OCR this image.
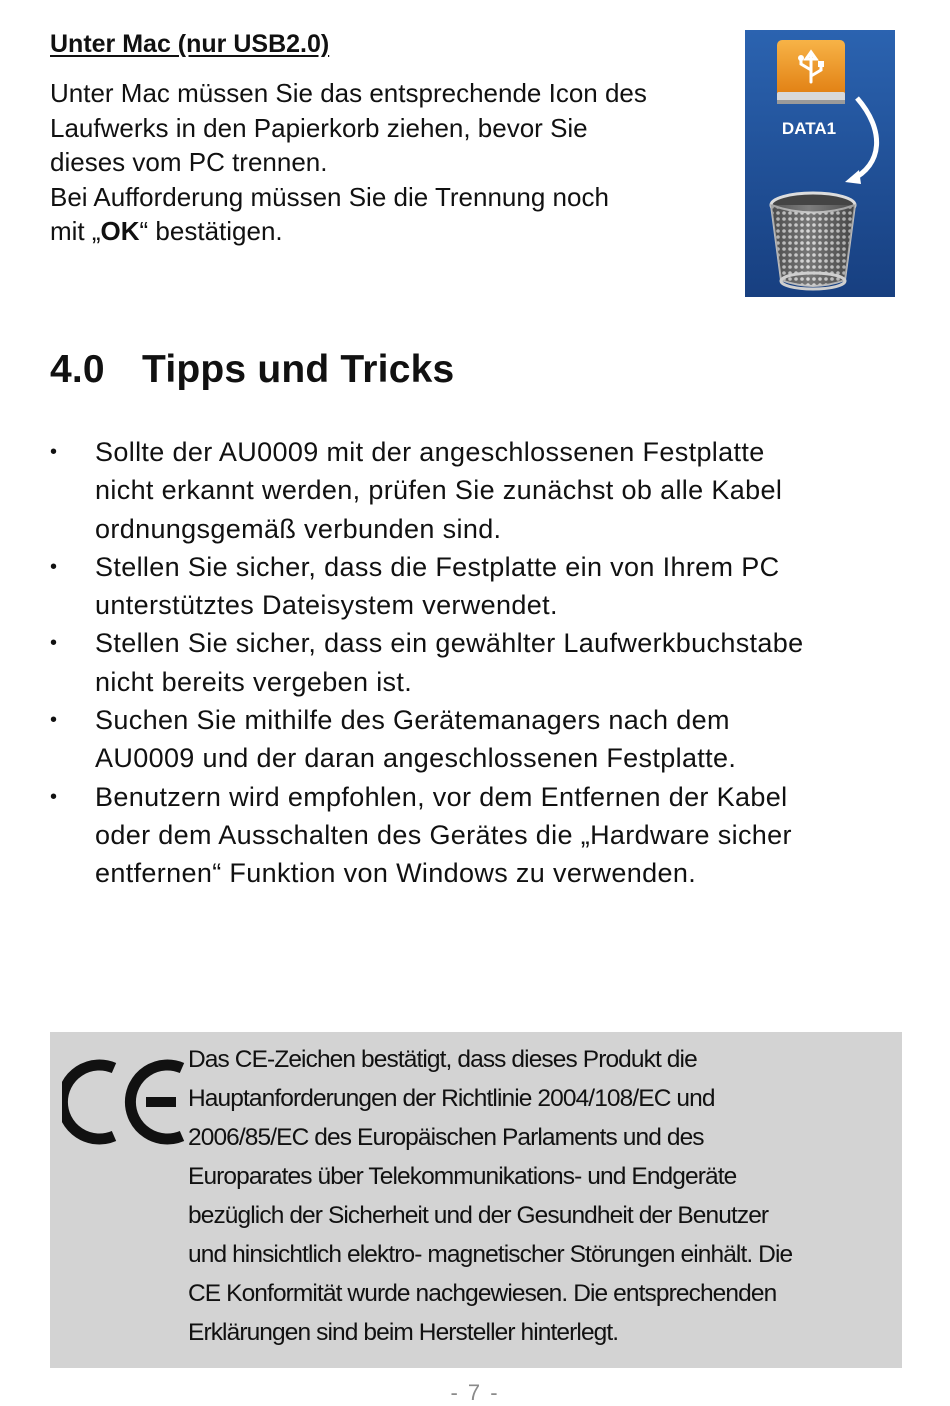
Unter Mac (nur USB2.0)

Unter Mac müssen Sie das entsprechende Icon des
Laufwerks in den Papierkorb ziehen, bevor Sie
dieses vom PC trennen.
Bei Aufforderung müssen Sie die Trennung noch
mit „OK“ bestätigen.

DATA1
4.0 Tipps und Tricks
• Sollte der AU0009 mit der angeschlossenen Festplatte
nicht erkannt werden, prüfen Sie zunächst ob alle Kabel
ordnungsgemäß verbunden sind.
• Stellen Sie sicher, dass die Festplatte ein von Ihrem PC
unterstütztes Dateisystem verwendet.
• Stellen Sie sicher, dass ein gewählter Laufwerkbuchstabe
nicht bereits vergeben ist.
• Suchen Sie mithilfe des Gerätemanagers nach dem
AU0009 und der daran angeschlossenen Festplatte.
• Benutzern wird empfohlen, vor dem Entfernen der Kabel
oder dem Ausschalten des Gerätes die „Hardware sicher
entfernen“ Funktion von Windows zu verwenden.

Das CE-Zeichen bestätigt, dass dieses Produkt die
Hauptanforderungen der Richtlinie 2004/108/EC und
2006/85/EC des Europäischen Parlaments und des
Europarates über Telekommunikations- und Endgeräte
bezüglich der Sicherheit und der Gesundheit der Benutzer
und hinsichtlich elektro- magnetischer Störungen einhält. Die
CE Konformität wurde nachgewiesen. Die entsprechenden
Erklärungen sind beim Hersteller hinterlegt.

- 7 -
